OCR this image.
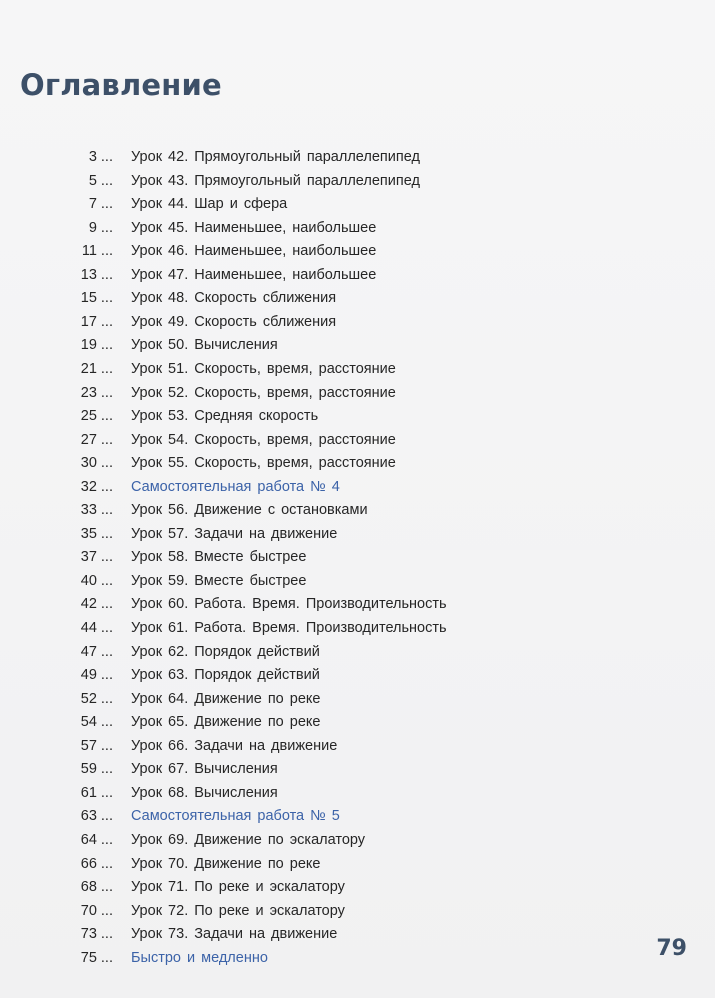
Оглавление
3 ... Урок 42. Прямоугольный параллелепипед
5 ... Урок 43. Прямоугольный параллелепипед
7 ... Урок 44. Шар и сфера
9 ... Урок 45. Наименьшее, наибольшее
11 ... Урок 46. Наименьшее, наибольшее
13 ... Урок 47. Наименьшее, наибольшее
15 ... Урок 48. Скорость сближения
17 ... Урок 49. Скорость сближения
19 ... Урок 50. Вычисления
21 ... Урок 51. Скорость, время, расстояние
23 ... Урок 52. Скорость, время, расстояние
25 ... Урок 53. Средняя скорость
27 ... Урок 54. Скорость, время, расстояние
30 ... Урок 55. Скорость, время, расстояние
32 ... Самостоятельная работа № 4
33 ... Урок 56. Движение с остановками
35 ... Урок 57. Задачи на движение
37 ... Урок 58. Вместе быстрее
40 ... Урок 59. Вместе быстрее
42 ... Урок 60. Работа. Время. Производительность
44 ... Урок 61. Работа. Время. Производительность
47 ... Урок 62. Порядок действий
49 ... Урок 63. Порядок действий
52 ... Урок 64. Движение по реке
54 ... Урок 65. Движение по реке
57 ... Урок 66. Задачи на движение
59 ... Урок 67. Вычисления
61 ... Урок 68. Вычисления
63 ... Самостоятельная работа № 5
64 ... Урок 69. Движение по эскалатору
66 ... Урок 70. Движение по реке
68 ... Урок 71. По реке и эскалатору
70 ... Урок 72. По реке и эскалатору
73 ... Урок 73. Задачи на движение
75 ... Быстро и медленно	79
